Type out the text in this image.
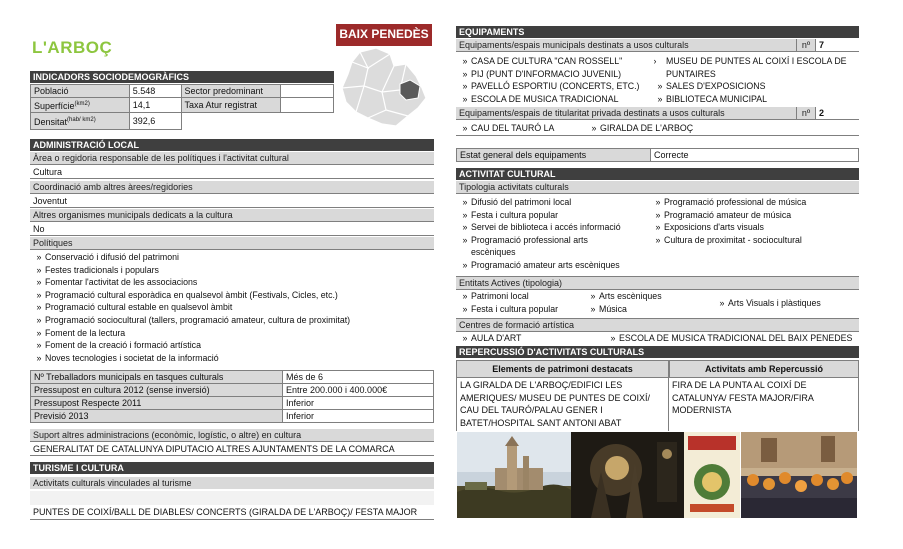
L'ARBOÇ
BAIX PENEDÈS
INDICADORS SOCIODEMOGRÀFICS
Població	5.548	Sector predominant	
Superfície$^{(km2)}$	14,1	Taxa Atur registrat	
Densitat$^{(hab/ km2)}$	392,6		
ADMINISTRACIÓ LOCAL
Àrea o regidoria responsable de les polítiques i l'activitat cultural
Cultura
Coordinació amb altres àrees/regidories
Joventut
Altres organismes municipals dedicats a la cultura
No
Polítiques
» Conservació i difusió del patrimoni
» Festes tradicionals i populars
» Fomentar l'activitat de les associacions
» Programació cultural esporàdica en qualsevol àmbit (Festivals, Cicles, etc.)
» Programació cultural estable en qualsevol àmbit
» Programació sociocultural (tallers, programació amateur, cultura de proximitat)
» Foment de la lectura
» Foment de la creació i formació artística
» Noves tecnologies i societat de la informació
Nº Treballadors municipals en tasques culturals	Més de 6
Pressupost en cultura 2012 (sense inversió)	Entre 200.000 i 400.000€
Pressupost Respecte 2011	Inferior
Previsió 2013	Inferior
Suport altres administracions (econòmic, logístic, o altre) en cultura
GENERALITAT DE CATALUNYA DIPUTACIO ALTRES AJUNTAMENTS DE LA COMARCA
TURISME I CULTURA
Activitats culturals vinculades al turisme
PUNTES DE COIXÍ/BALL DE DIABLES/ CONCERTS (GIRALDA DE L'ARBOÇ)/ FESTA MAJOR
EQUIPAMENTS
Equipaments/espais municipals destinats a usos culturals	nº 7
» CASA DE CULTURA "CAN ROSSELL"
» PIJ (PUNT D'INFORMACIO JUVENIL)
» PAVELLÓ ESPORTIU (CONCERTS, ETC.)
» ESCOLA DE MUSICA TRADICIONAL
» MUSEU DE PUNTES AL COIXÍ I ESCOLA DE PUNTAIRES
» SALES D'EXPOSICIONS
» BIBLIOTECA MUNICIPAL
Equipaments/espais de titularitat privada destinats a usos culturals	nº 2
» CAU DEL TAURÓ LA	» GIRALDA DE L'ARBOÇ
Estat general dels equipaments	Correcte
ACTIVITAT CULTURAL
Tipologia activitats culturals
» Difusió del patrimoni local
» Festa i cultura popular
» Servei de biblioteca i accés informació
» Programació professional arts
escèniques
» Programació amateur arts escèniques
» Programació professional de música
» Programació amateur de música
» Exposicions d'arts visuals
» Cultura de proximitat - sociocultural
Entitats Actives (tipologia)
» Patrimoni local
» Festa i cultura popular
» Arts escèniques
» Música
» Arts Visuals i plàstiques
Centres de formació artística
» AULA D'ART	» ESCOLA DE MUSICA TRADICIONAL DEL BAIX PENEDES
REPERCUSSIÓ D'ACTIVITATS CULTURALS
Elements de patrimoni destacats	Activitats amb Repercussió
LA GIRALDA DE L'ARBOÇ/EDIFICI LES AMERIQUES/ MUSEU DE PUNTES DE COIXÍ/ CAU DEL TAURÓ/PALAU GENER I BATET/HOSPITAL SANT ANTONI ABAT
FIRA DE LA PUNTA AL COIXÍ DE CATALUNYA/ FESTA MAJOR/FIRA MODERNISTA
